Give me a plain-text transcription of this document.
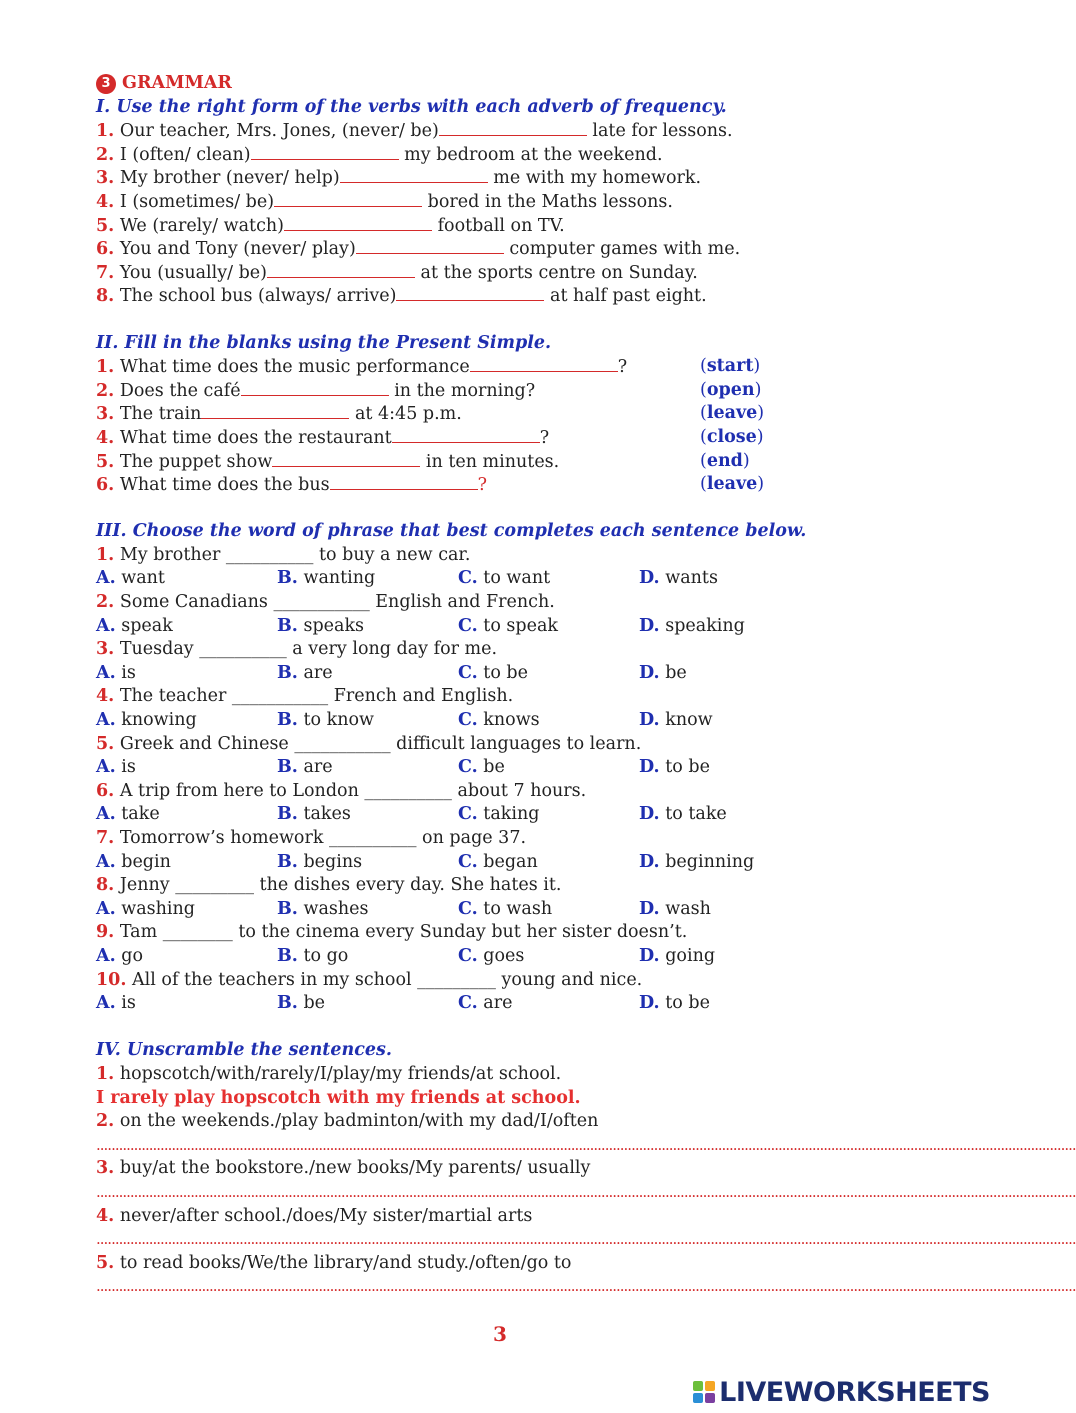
3 GRAMMAR
I. Use the right form of the verbs with each adverb of frequency.
1. Our teacher, Mrs. Jones, (never/ be)	late for lessons.
2. I (often/ clean)	my bedroom at the weekend.
3. My brother (never/ help)	me with my homework.
4. I (sometimes/ be)	bored in the Maths lessons.
5. We (rarely/ watch)	football on TV.
6. You and Tony (never/ play)	computer games with me.
7. You (usually/ be)	at the sports centre on Sunday.
8. The school bus (always/ arrive)	at half past eight.
II. Fill in the blanks using the Present Simple.
1. What time does the music performance	?	(start)
2. Does the café	in the morning?	(open)
3. The train	at 4:45 p.m.	(leave)
4. What time does the restaurant	?	(close)
5. The puppet show	in ten minutes.	(end)
6. What time does the bus	?	(leave)
III. Choose the word of phrase that best completes each sentence below.
1. My brother __________ to buy a new car.
A. want	B. wanting	C. to want	D. wants
2. Some Canadians ___________ English and French.
A. speak	B. speaks	C. to speak	D. speaking
3. Tuesday __________ a very long day for me.
A. is	B. are	C. to be	D. be
4. The teacher ___________ French and English.
A. knowing	B. to know	C. knows	D. know
5. Greek and Chinese ___________ difficult languages to learn.
A. is	B. are	C. be	D. to be
6. A trip from here to London __________ about 7 hours.
A. take	B. takes	C. taking	D. to take
7. Tomorrow’s homework __________ on page 37.
A. begin	B. begins	C. began	D. beginning
8. Jenny _________ the dishes every day. She hates it.
A. washing	B. washes	C. to wash	D. wash
9. Tam ________ to the cinema every Sunday but her sister doesn’t.
A. go	B. to go	C. goes	D. going
10. All of the teachers in my school _________ young and nice.
A. is	B. be	C. are	D. to be
IV. Unscramble the sentences.
1. hopscotch/with/rarely/I/play/my friends/at school.
I rarely play hopscotch with my friends at school.
2. on the weekends./play badminton/with my dad/I/often
....................................................................................................................................................................................................................................................................
3. buy/at the bookstore./new books/My parents/ usually
....................................................................................................................................................................................................................................................................
4. never/after school./does/My sister/martial arts
....................................................................................................................................................................................................................................................................
5. to read books/We/the library/and study./often/go to
....................................................................................................................................................................................................................................................................
3
LIVEWORKSHEETS
